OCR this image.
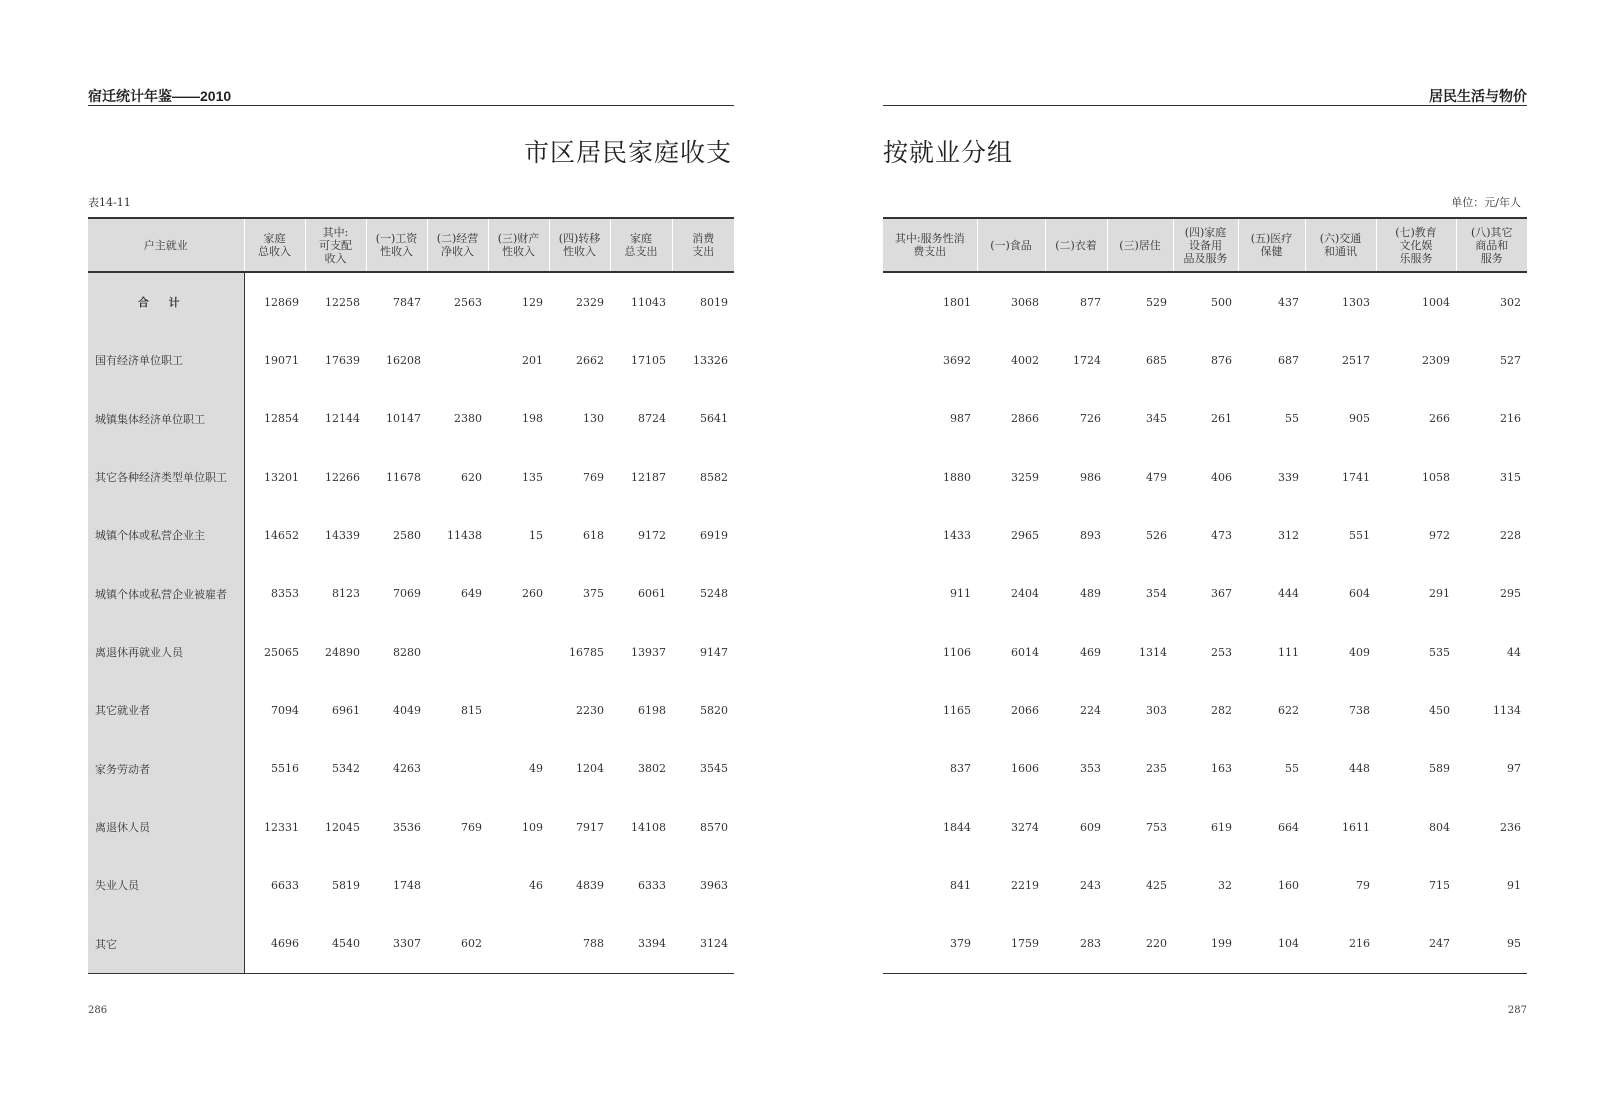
宿迁统计年鉴——2010
市区居民家庭收支
表14-11
户主就业	家庭
总收入	其中:
可支配
收入	(一)工资
性收入	(二)经营
净收入	(三)财产
性收入	(四)转移
性收入	家庭
总支出	消费
支出
合 计	12869	12258	7847	2563	129	2329	11043	8019
国有经济单位职工	19071	17639	16208		201	2662	17105	13326
城镇集体经济单位职工	12854	12144	10147	2380	198	130	8724	5641
其它各种经济类型单位职工	13201	12266	11678	620	135	769	12187	8582
城镇个体或私营企业主	14652	14339	2580	11438	15	618	9172	6919
城镇个体或私营企业被雇者	8353	8123	7069	649	260	375	6061	5248
离退休再就业人员	25065	24890	8280			16785	13937	9147
其它就业者	7094	6961	4049	815		2230	6198	5820
家务劳动者	5516	5342	4263		49	1204	3802	3545
离退休人员	12331	12045	3536	769	109	7917	14108	8570
失业人员	6633	5819	1748		46	4839	6333	3963
其它	4696	4540	3307	602		788	3394	3124
286
居民生活与物价
按就业分组
单位：元/年人
其中:服务性消
费支出	(一)食品	(二)衣着	(三)居住	(四)家庭
设备用
品及服务	(五)医疗
保健	(六)交通
和通讯	(七)教育
文化娱
乐服务	(八)其它
商品和
服务
1801	3068	877	529	500	437	1303	1004	302
3692	4002	1724	685	876	687	2517	2309	527
987	2866	726	345	261	55	905	266	216
1880	3259	986	479	406	339	1741	1058	315
1433	2965	893	526	473	312	551	972	228
911	2404	489	354	367	444	604	291	295
1106	6014	469	1314	253	111	409	535	44
1165	2066	224	303	282	622	738	450	1134
837	1606	353	235	163	55	448	589	97
1844	3274	609	753	619	664	1611	804	236
841	2219	243	425	32	160	79	715	91
379	1759	283	220	199	104	216	247	95
287
